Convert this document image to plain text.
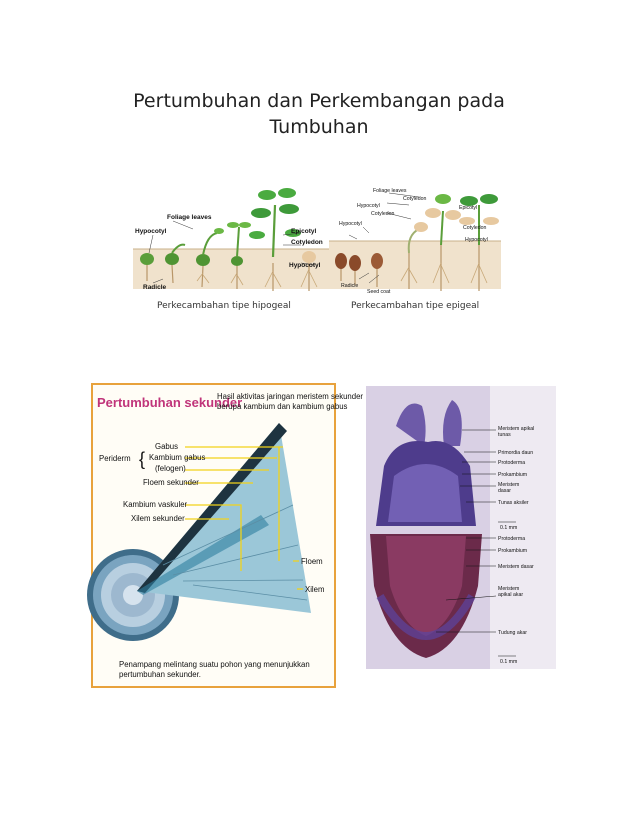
Pertumbuhan dan Perkembangan pada
Tumbuhan
Foliage leaves
Hypocotyl
Radicle
Epicotyl
Cotyledon
Hypocotyl
Perkecambahan tipe hipogeal
Foliage leaves
Cotyledon
Hypocotyl
Cotyledon
Hypocotyl
Epicotyl
Cotyledon
Hypocotyl
Radicle
Seed coat
Perkecambahan tipe epigeal
Pertumbuhan sekunder
Hasil aktivitas jaringan meristem sekunder
berupa kambium dan kambium gabus
Periderm {
Gabus
Kambium gabus
(felogen)
Floem sekunder
Kambium vaskuler
Xilem sekunder
Floem
Xilem
Penampang melintang suatu pohon yang menunjukkan
pertumbuhan sekunder.
Meristem apikal
tunas
Primordia daun
Protoderma
Prokambium
Meristem
dasar
Tunas aksiler
0.1 mm
Protoderma
Prokambium
Meristem dasar
Meristem
apikal akar
Tudung akar
0.1 mm
